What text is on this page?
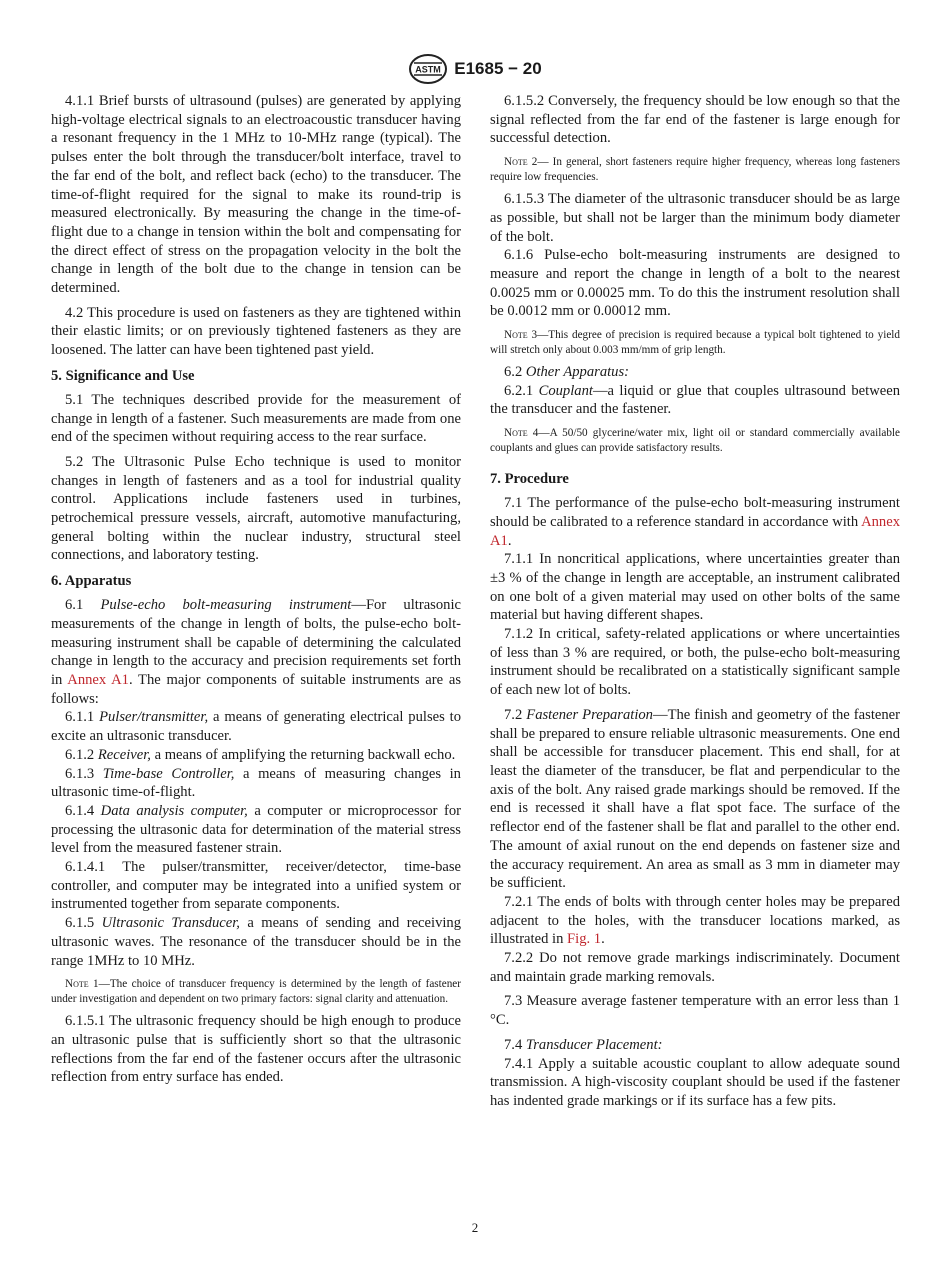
ASTM E1685 − 20

4.1.1 Brief bursts of ultrasound (pulses) are generated by applying high-voltage electrical signals to an electroacoustic transducer having a resonant frequency in the 1 MHz to 10-MHz range (typical). The pulses enter the bolt through the transducer/bolt interface, travel to the far end of the bolt, and reflect back (echo) to the transducer. The time-of-flight required for the signal to make its round-trip is measured electronically. By measuring the change in the time-of-flight due to a change in tension within the bolt and compensating for the direct effect of stress on the propagation velocity in the bolt the change in length of the bolt due to the change in tension can be determined.

4.2 This procedure is used on fasteners as they are tightened within their elastic limits; or on previously tightened fasteners as they are loosened. The latter can have been tightened past yield.

5. Significance and Use

5.1 The techniques described provide for the measurement of change in length of a fastener. Such measurements are made from one end of the specimen without requiring access to the rear surface.

5.2 The Ultrasonic Pulse Echo technique is used to monitor changes in length of fasteners and as a tool for industrial quality control. Applications include fasteners used in turbines, petrochemical pressure vessels, aircraft, automotive manufacturing, general bolting within the nuclear industry, structural steel connections, and laboratory testing.

6. Apparatus

6.1 Pulse-echo bolt-measuring instrument—For ultrasonic measurements of the change in length of bolts, the pulse-echo bolt-measuring instrument shall be capable of determining the calculated change in length to the accuracy and precision requirements set forth in Annex A1. The major components of suitable instruments are as follows:

6.1.1 Pulser/transmitter, a means of generating electrical pulses to excite an ultrasonic transducer.

6.1.2 Receiver, a means of amplifying the returning backwall echo.

6.1.3 Time-base Controller, a means of measuring changes in ultrasonic time-of-flight.

6.1.4 Data analysis computer, a computer or microprocessor for processing the ultrasonic data for determination of the material stress level from the measured fastener strain.

6.1.4.1 The pulser/transmitter, receiver/detector, time-base controller, and computer may be integrated into a unified system or instrumented together from separate components.

6.1.5 Ultrasonic Transducer, a means of sending and receiving ultrasonic waves. The resonance of the transducer should be in the range 1MHz to 10 MHz.

Note 1—The choice of transducer frequency is determined by the length of fastener under investigation and dependent on two primary factors: signal clarity and attenuation.

6.1.5.1 The ultrasonic frequency should be high enough to produce an ultrasonic pulse that is sufficiently short so that the ultrasonic reflections from the far end of the fastener occurs after the ultrasonic reflection from entry surface has ended.

6.1.5.2 Conversely, the frequency should be low enough so that the signal reflected from the far end of the fastener is large enough for successful detection.

Note 2— In general, short fasteners require higher frequency, whereas long fasteners require low frequencies.

6.1.5.3 The diameter of the ultrasonic transducer should be as large as possible, but shall not be larger than the minimum body diameter of the bolt.

6.1.6 Pulse-echo bolt-measuring instruments are designed to measure and report the change in length of a bolt to the nearest 0.0025 mm or 0.00025 mm. To do this the instrument resolution shall be 0.0012 mm or 0.00012 mm.

Note 3—This degree of precision is required because a typical bolt tightened to yield will stretch only about 0.003 mm/mm of grip length.

6.2 Other Apparatus:

6.2.1 Couplant—a liquid or glue that couples ultrasound between the transducer and the fastener.

Note 4—A 50/50 glycerine/water mix, light oil or standard commercially available couplants and glues can provide satisfactory results.
7. Procedure

7.1 The performance of the pulse-echo bolt-measuring instrument should be calibrated to a reference standard in accordance with Annex A1.

7.1.1 In noncritical applications, where uncertainties greater than ±3 % of the change in length are acceptable, an instrument calibrated on one bolt of a given material may used on other bolts of the same material but having different shapes.

7.1.2 In critical, safety-related applications or where uncertainties of less than 3 % are required, or both, the pulse-echo bolt-measuring instrument should be recalibrated on a statistically significant sample of each new lot of bolts.

7.2 Fastener Preparation—The finish and geometry of the fastener shall be prepared to ensure reliable ultrasonic measurements. One end shall be accessible for transducer placement. This end shall, for at least the diameter of the transducer, be flat and perpendicular to the axis of the bolt. Any raised grade markings should be removed. If the end is recessed it shall have a flat spot face. The surface of the reflector end of the fastener shall be flat and parallel to the other end. The amount of axial runout on the end depends on fastener size and the accuracy requirement. An area as small as 3 mm in diameter may be sufficient.

7.2.1 The ends of bolts with through center holes may be prepared adjacent to the holes, with the transducer locations marked, as illustrated in Fig. 1.

7.2.2 Do not remove grade markings indiscriminately. Document and maintain grade marking removals.

7.3 Measure average fastener temperature with an error less than 1 °C.

7.4 Transducer Placement:

7.4.1 Apply a suitable acoustic couplant to allow adequate sound transmission. A high-viscosity couplant should be used if the fastener has indented grade markings or if its surface has a few pits.

2
